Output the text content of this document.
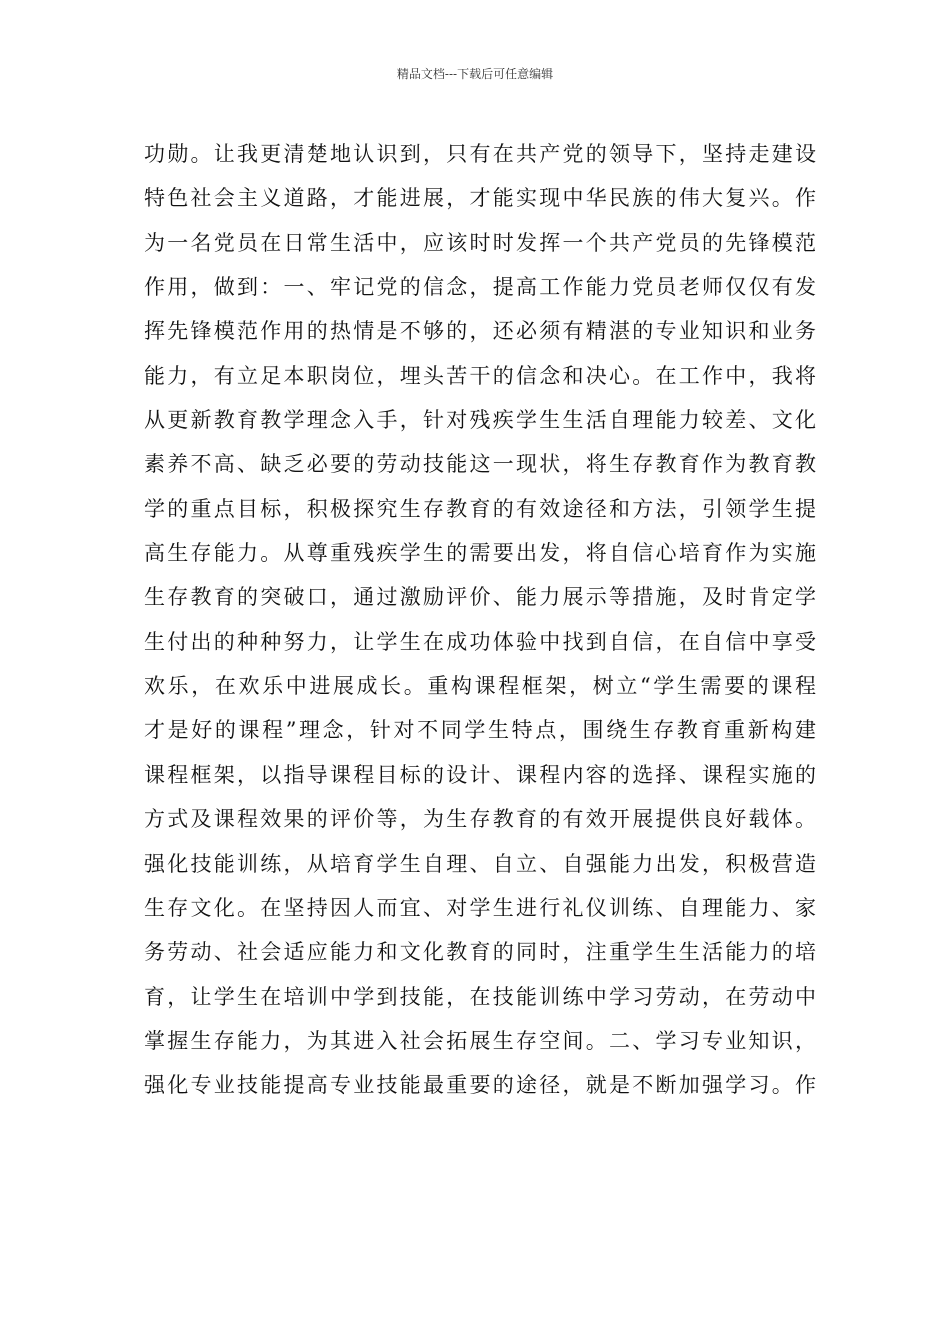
精品文档---下载后可任意编辑
功勋。让我更清楚地认识到，只有在共产党的领导下，坚持走建设
特色社会主义道路，才能进展，才能实现中华民族的伟大复兴。作
为一名党员在日常生活中，应该时时发挥一个共产党员的先锋模范
作用，做到：一、牢记党的信念，提高工作能力党员老师仅仅有发
挥先锋模范作用的热情是不够的，还必须有精湛的专业知识和业务
能力，有立足本职岗位，埋头苦干的信念和决心。在工作中，我将
从更新教育教学理念入手，针对残疾学生生活自理能力较差、文化
素养不高、缺乏必要的劳动技能这一现状，将生存教育作为教育教
学的重点目标，积极探究生存教育的有效途径和方法，引领学生提
高生存能力。从尊重残疾学生的需要出发，将自信心培育作为实施
生存教育的突破口，通过激励评价、能力展示等措施，及时肯定学
生付出的种种努力，让学生在成功体验中找到自信，在自信中享受
欢乐，在欢乐中进展成长。重构课程框架，树立“学生需要的课程
才是好的课程”理念，针对不同学生特点，围绕生存教育重新构建
课程框架，以指导课程目标的设计、课程内容的选择、课程实施的
方式及课程效果的评价等，为生存教育的有效开展提供良好载体。
强化技能训练，从培育学生自理、自立、自强能力出发，积极营造
生存文化。在坚持因人而宜、对学生进行礼仪训练、自理能力、家
务劳动、社会适应能力和文化教育的同时，注重学生生活能力的培
育，让学生在培训中学到技能，在技能训练中学习劳动，在劳动中
掌握生存能力，为其进入社会拓展生存空间。二、学习专业知识，
强化专业技能提高专业技能最重要的途径，就是不断加强学习。作
